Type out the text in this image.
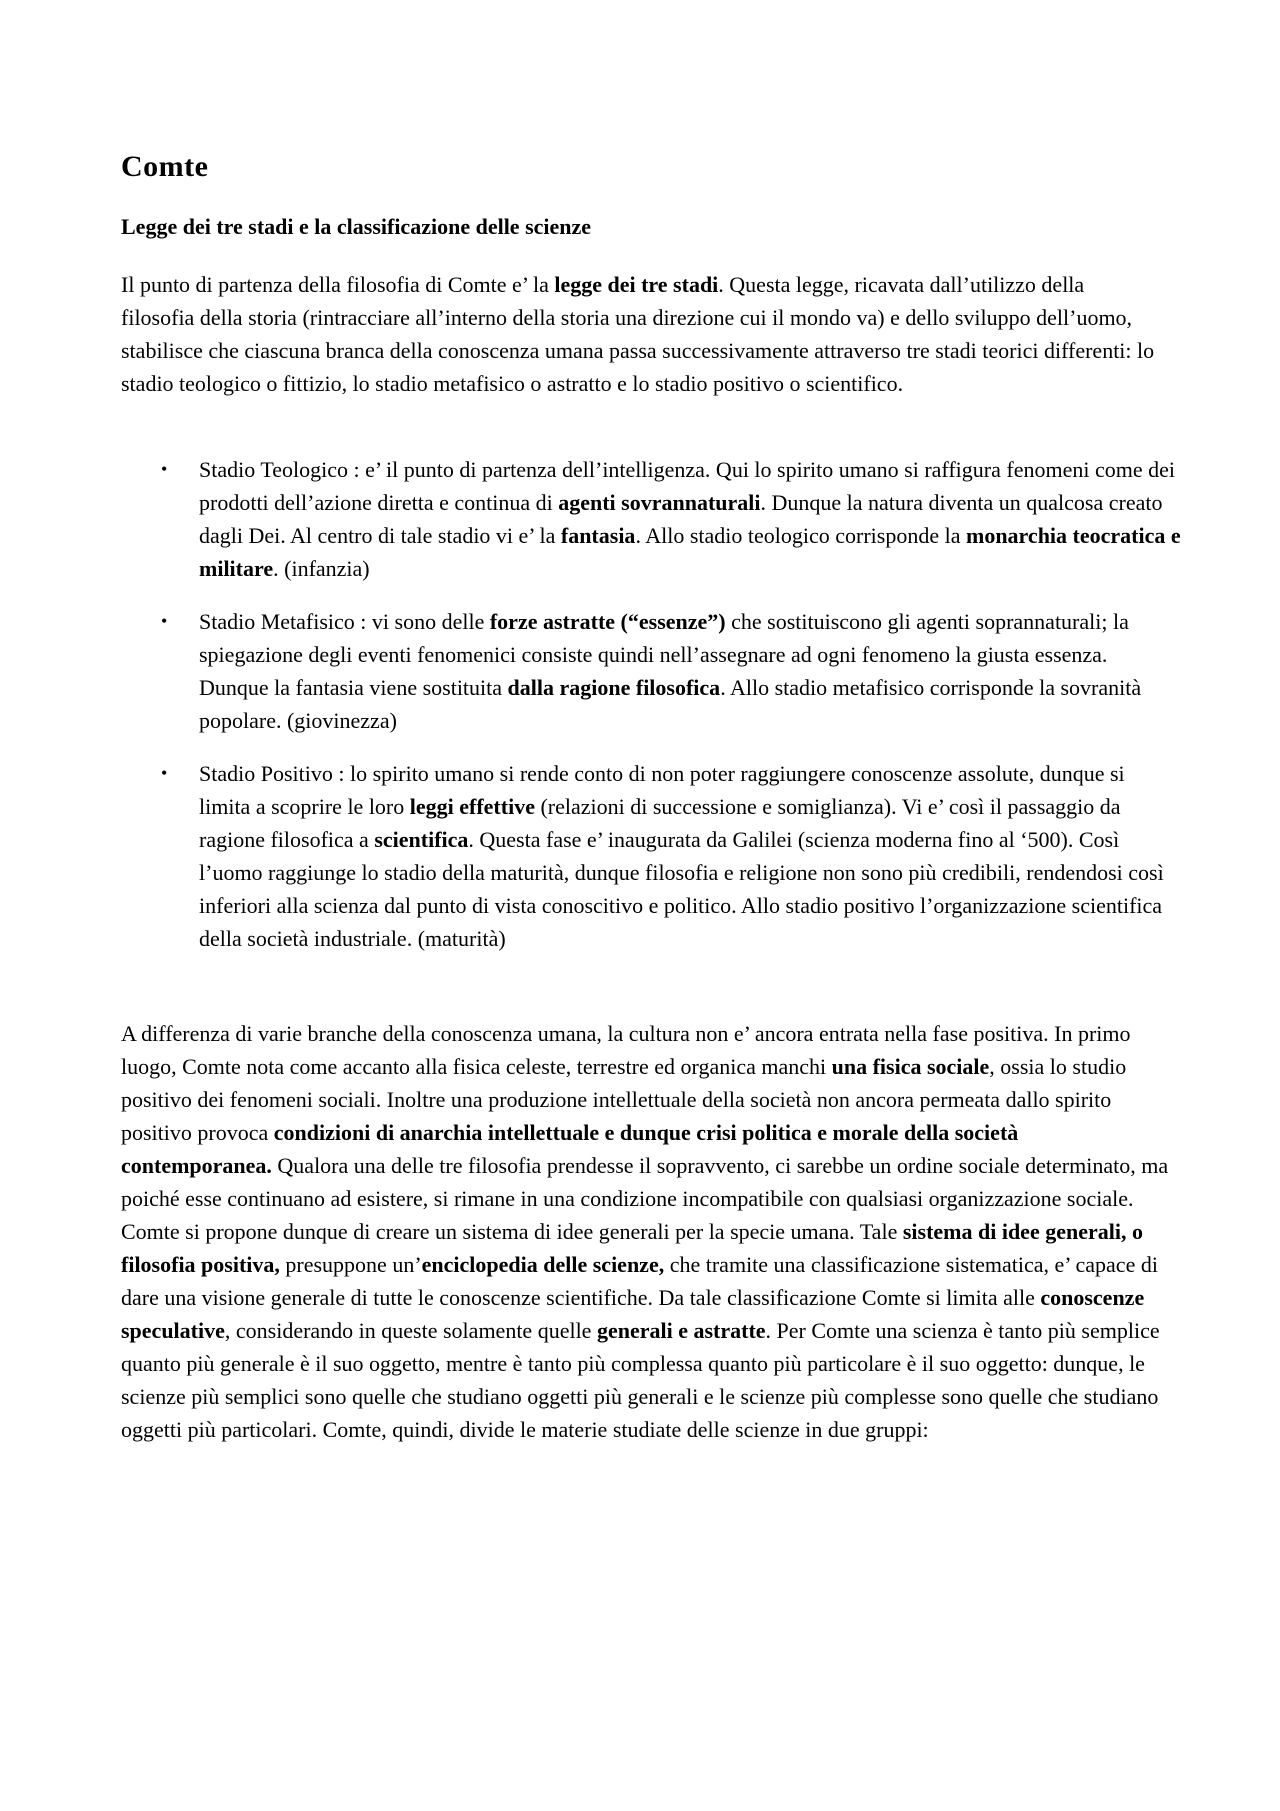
Comte
Legge dei tre stadi e la classificazione delle scienze

Il punto di partenza della filosofia di Comte e’ la legge dei tre stadi. Questa legge, ricavata dall’utilizzo della filosofia della storia (rintracciare all’interno della storia una direzione cui il mondo va) e dello sviluppo dell’uomo, stabilisce che ciascuna branca della conoscenza umana passa successivamente attraverso tre stadi teorici differenti: lo stadio teologico o fittizio, lo stadio metafisico o astratto e lo stadio positivo o scientifico.

• Stadio Teologico : e’ il punto di partenza dell’intelligenza. Qui lo spirito umano si raffigura fenomeni come dei prodotti dell’azione diretta e continua di agenti sovrannaturali. Dunque la natura diventa un qualcosa creato dagli Dei. Al centro di tale stadio vi e’ la fantasia. Allo stadio teologico corrisponde la monarchia teocratica e militare. (infanzia)
• Stadio Metafisico : vi sono delle forze astratte (“essenze”) che sostituiscono gli agenti soprannaturali; la spiegazione degli eventi fenomenici consiste quindi nell’assegnare ad ogni fenomeno la giusta essenza. Dunque la fantasia viene sostituita dalla ragione filosofica. Allo stadio metafisico corrisponde la sovranità popolare. (giovinezza)
• Stadio Positivo : lo spirito umano si rende conto di non poter raggiungere conoscenze assolute, dunque si limita a scoprire le loro leggi effettive (relazioni di successione e somiglianza). Vi e’ così il passaggio da ragione filosofica a scientifica. Questa fase e’ inaugurata da Galilei (scienza moderna fino al ‘500). Così l’uomo raggiunge lo stadio della maturità, dunque filosofia e religione non sono più credibili, rendendosi così inferiori alla scienza dal punto di vista conoscitivo e politico. Allo stadio positivo l’organizzazione scientifica della società industriale. (maturità)

A differenza di varie branche della conoscenza umana, la cultura non e’ ancora entrata nella fase positiva. In primo luogo, Comte nota come accanto alla fisica celeste, terrestre ed organica manchi una fisica sociale, ossia lo studio positivo dei fenomeni sociali. Inoltre una produzione intellettuale della società non ancora permeata dallo spirito positivo provoca condizioni di anarchia intellettuale e dunque crisi politica e morale della società contemporanea. Qualora una delle tre filosofia prendesse il sopravvento, ci sarebbe un ordine sociale determinato, ma poiché esse continuano ad esistere, si rimane in una condizione incompatibile con qualsiasi organizzazione sociale. Comte si propone dunque di creare un sistema di idee generali per la specie umana. Tale sistema di idee generali, o filosofia positiva, presuppone un’enciclopedia delle scienze, che tramite una classificazione sistematica, e’ capace di dare una visione generale di tutte le conoscenze scientifiche. Da tale classificazione Comte si limita alle conoscenze speculative, considerando in queste solamente quelle generali e astratte. Per Comte una scienza è tanto più semplice quanto più generale è il suo oggetto, mentre è tanto più complessa quanto più particolare è il suo oggetto: dunque, le scienze più semplici sono quelle che studiano oggetti più generali e le scienze più complesse sono quelle che studiano oggetti più particolari. Comte, quindi, divide le materie studiate delle scienze in due gruppi:
